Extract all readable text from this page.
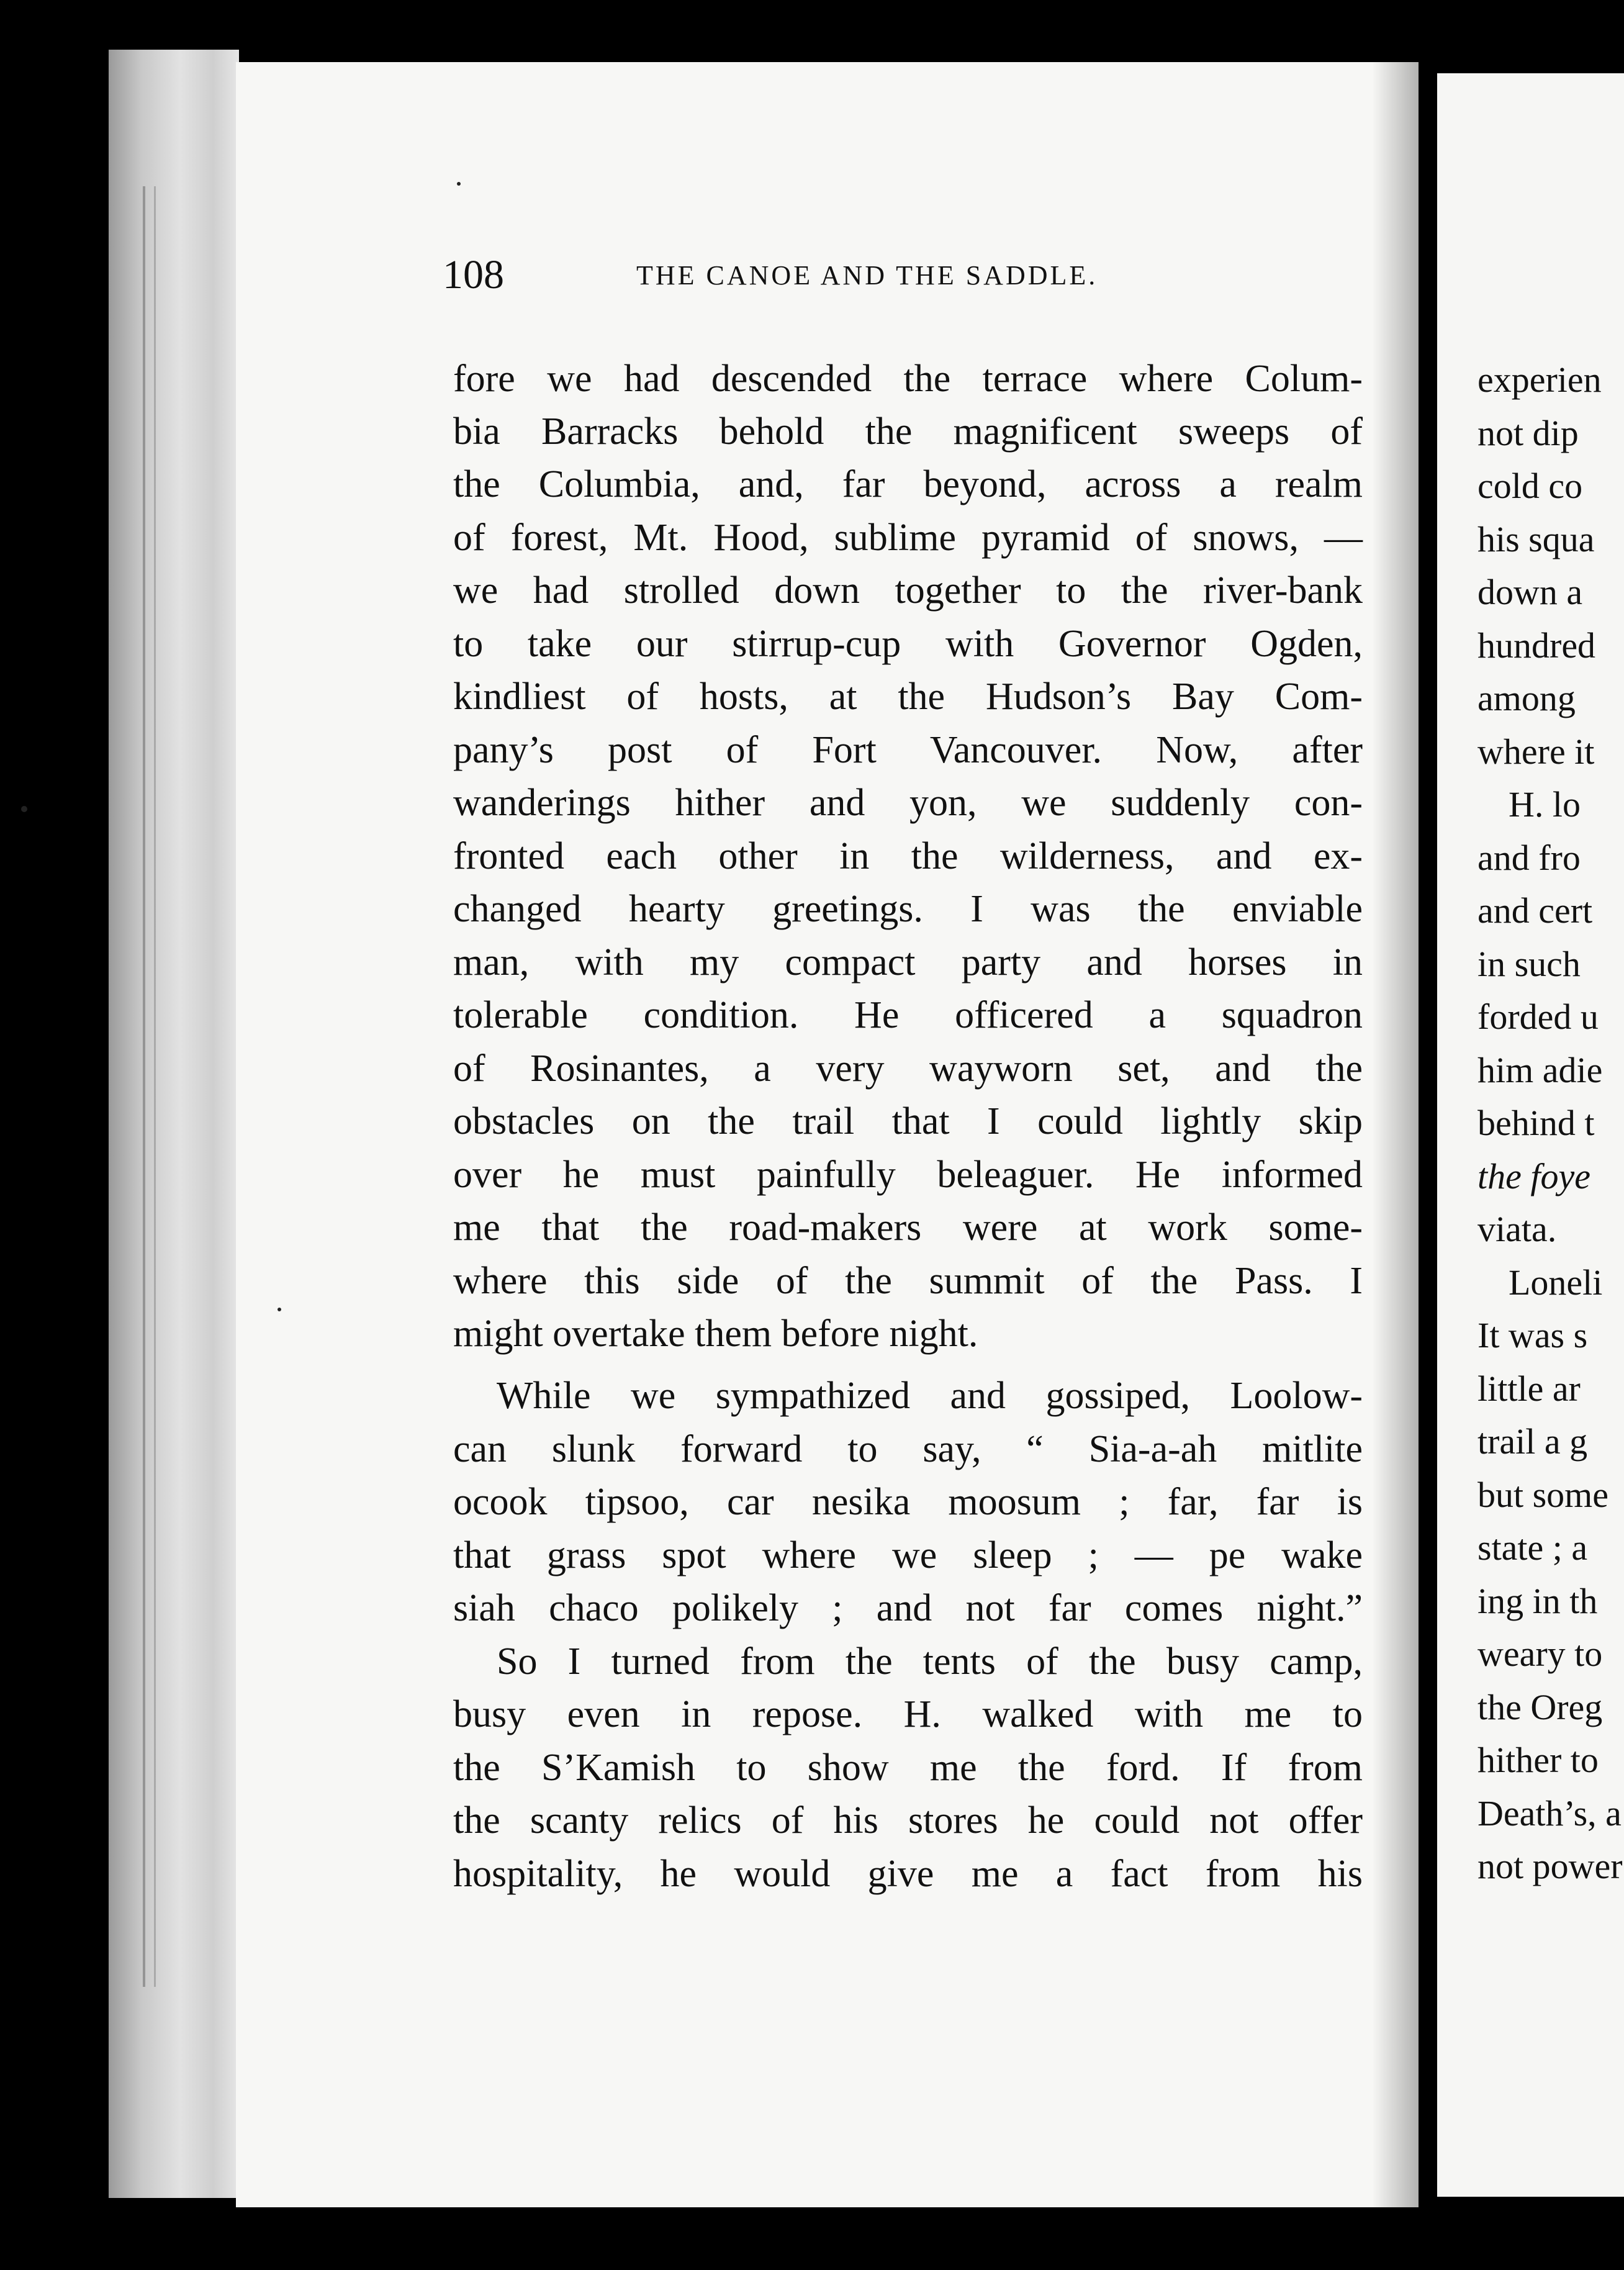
108	THE CANOE AND THE SADDLE.
fore we had descended the terrace where Colum-
bia Barracks behold the magnificent sweeps of
the Columbia, and, far beyond, across a realm
of forest, Mt. Hood, sublime pyramid of snows, —
we had strolled down together to the river-bank
to take our stirrup-cup with Governor Ogden,
kindliest of hosts, at the Hudson’s Bay Com-
pany’s post of Fort Vancouver. Now, after
wanderings hither and yon, we suddenly con-
fronted each other in the wilderness, and ex-
changed hearty greetings. I was the enviable
man, with my compact party and horses in
tolerable condition. He officered a squadron
of Rosinantes, a very wayworn set, and the
obstacles on the trail that I could lightly skip
over he must painfully beleaguer. He informed
me that the road-makers were at work some-
where this side of the summit of the Pass. I
might overtake them before night.
While we sympathized and gossiped, Loolow-
can slunk forward to say, “ Sia-a-ah mitlite
ocook tipsoo, car nesika moosum ; far, far is
that grass spot where we sleep ; — pe wake
siah chaco polikely ; and not far comes night.”
So I turned from the tents of the busy camp,
busy even in repose. H. walked with me to
the S’Kamish to show me the ford. If from
the scanty relics of his stores he could not offer
hospitality, he would give me a fact from his
experien
not dip
cold co
his squa
down a
hundred
among
where it
H. lo
and fro
and cert
in such
forded u
him adie
behind t
the foye
viata.
Loneli
It was s
little ar
trail a g
but some
state ; a
ing in th
weary to
the Oreg
hither to
Death’s, a
not power
